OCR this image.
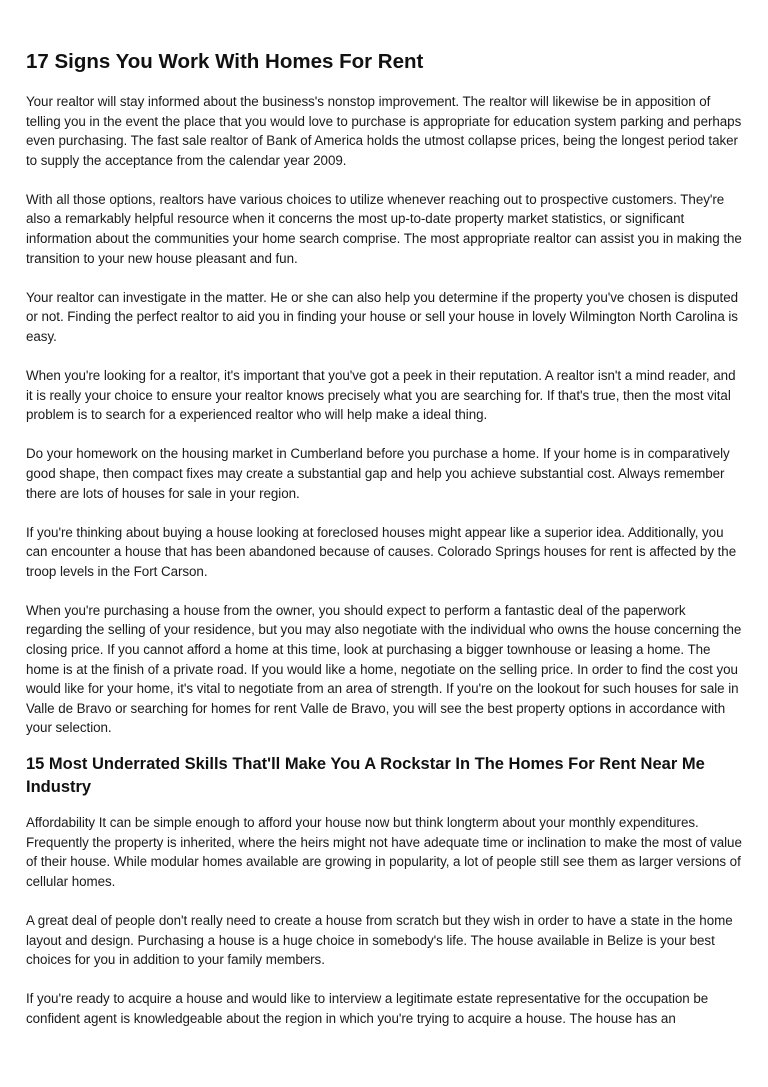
17 Signs You Work With Homes For Rent

Your realtor will stay informed about the business's nonstop improvement. The realtor will likewise be in apposition of telling you in the event the place that you would love to purchase is appropriate for education system parking and perhaps even purchasing. The fast sale realtor of Bank of America holds the utmost collapse prices, being the longest period taker to supply the acceptance from the calendar year 2009.

With all those options, realtors have various choices to utilize whenever reaching out to prospective customers. They're also a remarkably helpful resource when it concerns the most up-to-date property market statistics, or significant information about the communities your home search comprise. The most appropriate realtor can assist you in making the transition to your new house pleasant and fun.

Your realtor can investigate in the matter. He or she can also help you determine if the property you've chosen is disputed or not. Finding the perfect realtor to aid you in finding your house or sell your house in lovely Wilmington North Carolina is easy.

When you're looking for a realtor, it's important that you've got a peek in their reputation. A realtor isn't a mind reader, and it is really your choice to ensure your realtor knows precisely what you are searching for. If that's true, then the most vital problem is to search for a experienced realtor who will help make a ideal thing.

Do your homework on the housing market in Cumberland before you purchase a home. If your home is in comparatively good shape, then compact fixes may create a substantial gap and help you achieve substantial cost. Always remember there are lots of houses for sale in your region.

If you're thinking about buying a house looking at foreclosed houses might appear like a superior idea. Additionally, you can encounter a house that has been abandoned because of causes. Colorado Springs houses for rent is affected by the troop levels in the Fort Carson.

When you're purchasing a house from the owner, you should expect to perform a fantastic deal of the paperwork regarding the selling of your residence, but you may also negotiate with the individual who owns the house concerning the closing price. If you cannot afford a home at this time, look at purchasing a bigger townhouse or leasing a home. The home is at the finish of a private road. If you would like a home, negotiate on the selling price. In order to find the cost you would like for your home, it's vital to negotiate from an area of strength. If you're on the lookout for such houses for sale in Valle de Bravo or searching for homes for rent Valle de Bravo, you will see the best property options in accordance with your selection.

15 Most Underrated Skills That'll Make You A Rockstar In The Homes For Rent Near Me Industry

Affordability It can be simple enough to afford your house now but think longterm about your monthly expenditures. Frequently the property is inherited, where the heirs might not have adequate time or inclination to make the most of value of their house. While modular homes available are growing in popularity, a lot of people still see them as larger versions of cellular homes.

A great deal of people don't really need to create a house from scratch but they wish in order to have a state in the home layout and design. Purchasing a house is a huge choice in somebody's life. The house available in Belize is your best choices for you in addition to your family members.

If you're ready to acquire a house and would like to interview a legitimate estate representative for the occupation be confident agent is knowledgeable about the region in which you're trying to acquire a house. The house has an
